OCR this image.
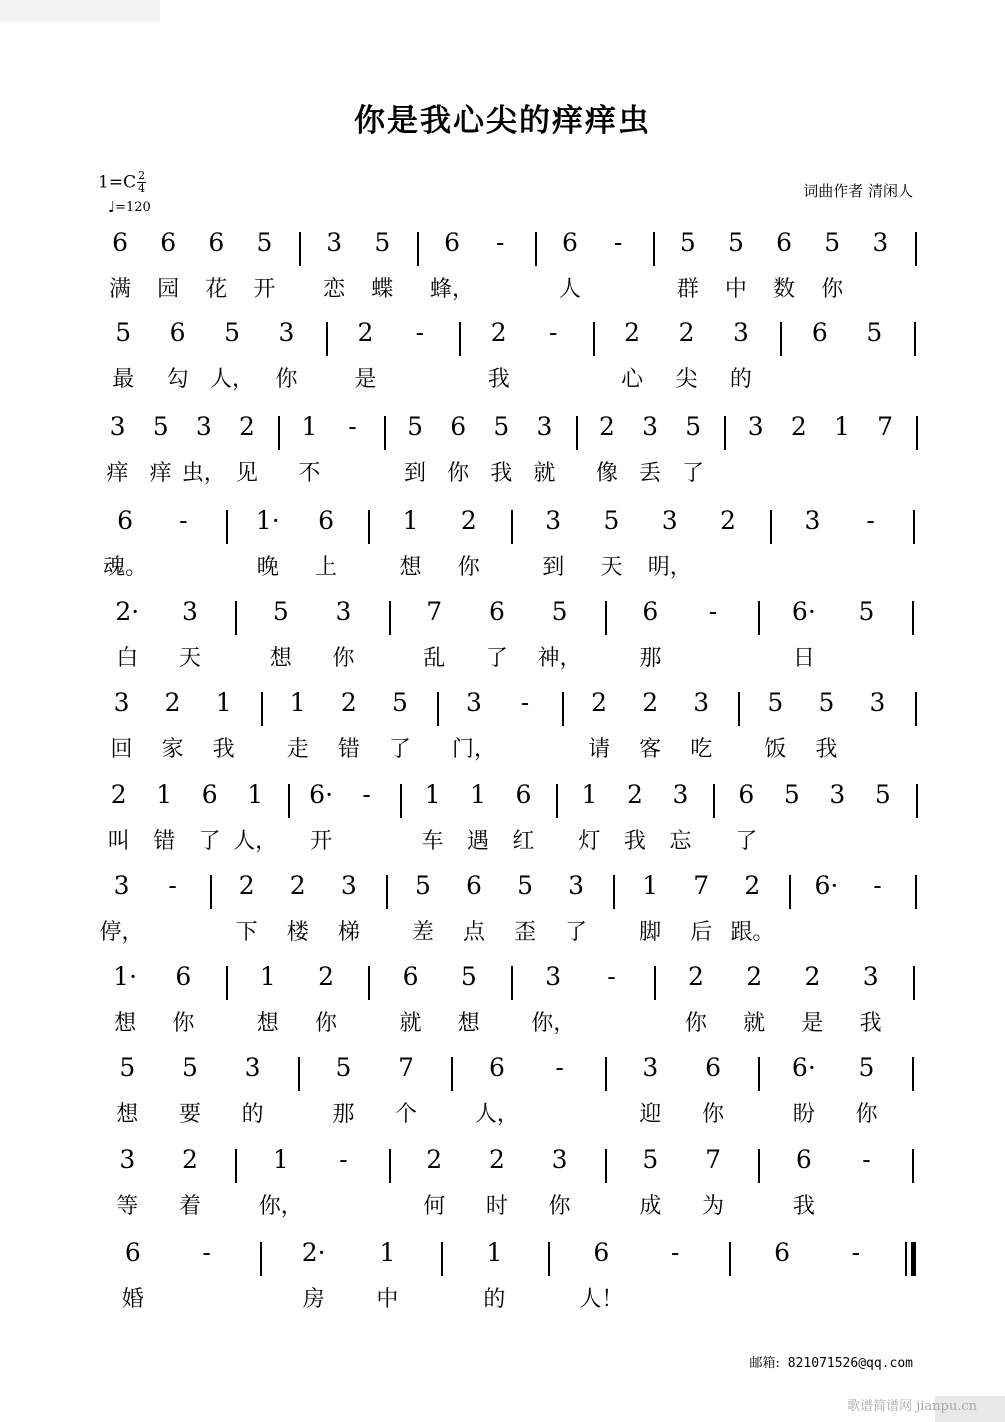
你是我心尖的痒痒虫
$1=C \frac{2}{4}$
♩=120
词曲作者 清闲人
邮箱: 821071526@qq.com
歌谱简谱网 jianpu.cn
6 6 6 5 3 5 6 - 6 - 5 5 6 5 3
满 园 花 开 恋 蝶 蜂，	人	群 中 数 你
5 6 5 3	2 -	2 -	2 2 3	6 5
最 勾 人， 你	是	我	心 尖 的
3 5 3 2 1 - 5 6 5 3 2 3 5 3 2 1 7
痒 痒 虫， 见 不	到 你 我 就 像 丢 了
6 -	1· 6	1 2	3 5 3 2	3 -
魂。	晚 上	想 你	到 天 明，
2· 3	5 3	7 6 5	6 -	6· 5
白 天	想 你	乱 了 神，	那	日
3 2 1 1 2 5 3 - 2 2 3 5 5 3
回 家 我 走 错 了 门，	请 客 吃 饭 我
2 1 6 1 6· - 1 1 6 1 2 3 6 5 3 5
叫 错 了 人， 开	车 遇 红 灯 我 忘 了
3 - 2 2 3 5 6 5 3 1 7 2 6· -
停，	下 楼 梯 差 点 歪 了 脚 后 跟。
1· 6	1 2	6 5	3 -	2 2 2 3
想 你	想 你	就 想 你，	你 就 是 我
5 5 3	5 7	6 -	3 6	6· 5
想 要 的	那 个	人，	迎 你	盼 你
3 2	1 -	2 2 3	5 7	6 -
等 着	你，	何 时 你	成 为	我
6 -	2· 1	1	6 -	6 -
婚	房 中	的	人！
